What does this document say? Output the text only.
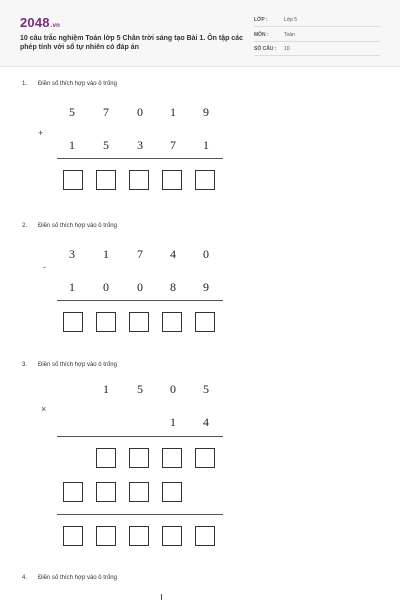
2048.vn
10 câu trắc nghiệm Toán lớp 5 Chân trời sáng tạo Bài 1. Ôn tập các phép tính với số tự nhiên có đáp án
LỚP :	Lớp 5
MÔN :	Toán
SỐ CÂU : 10
1. Điền số thích hợp vào ô trống
5 7 0 1 9
+
1 5 3 7 1
2. Điền số thích hợp vào ô trống
3 1 7 4 0
-
1 0 0 8 9
3. Điền số thích hợp vào ô trống
1 5 0 5
×
1 4
4. Điền số thích hợp vào ô trống
